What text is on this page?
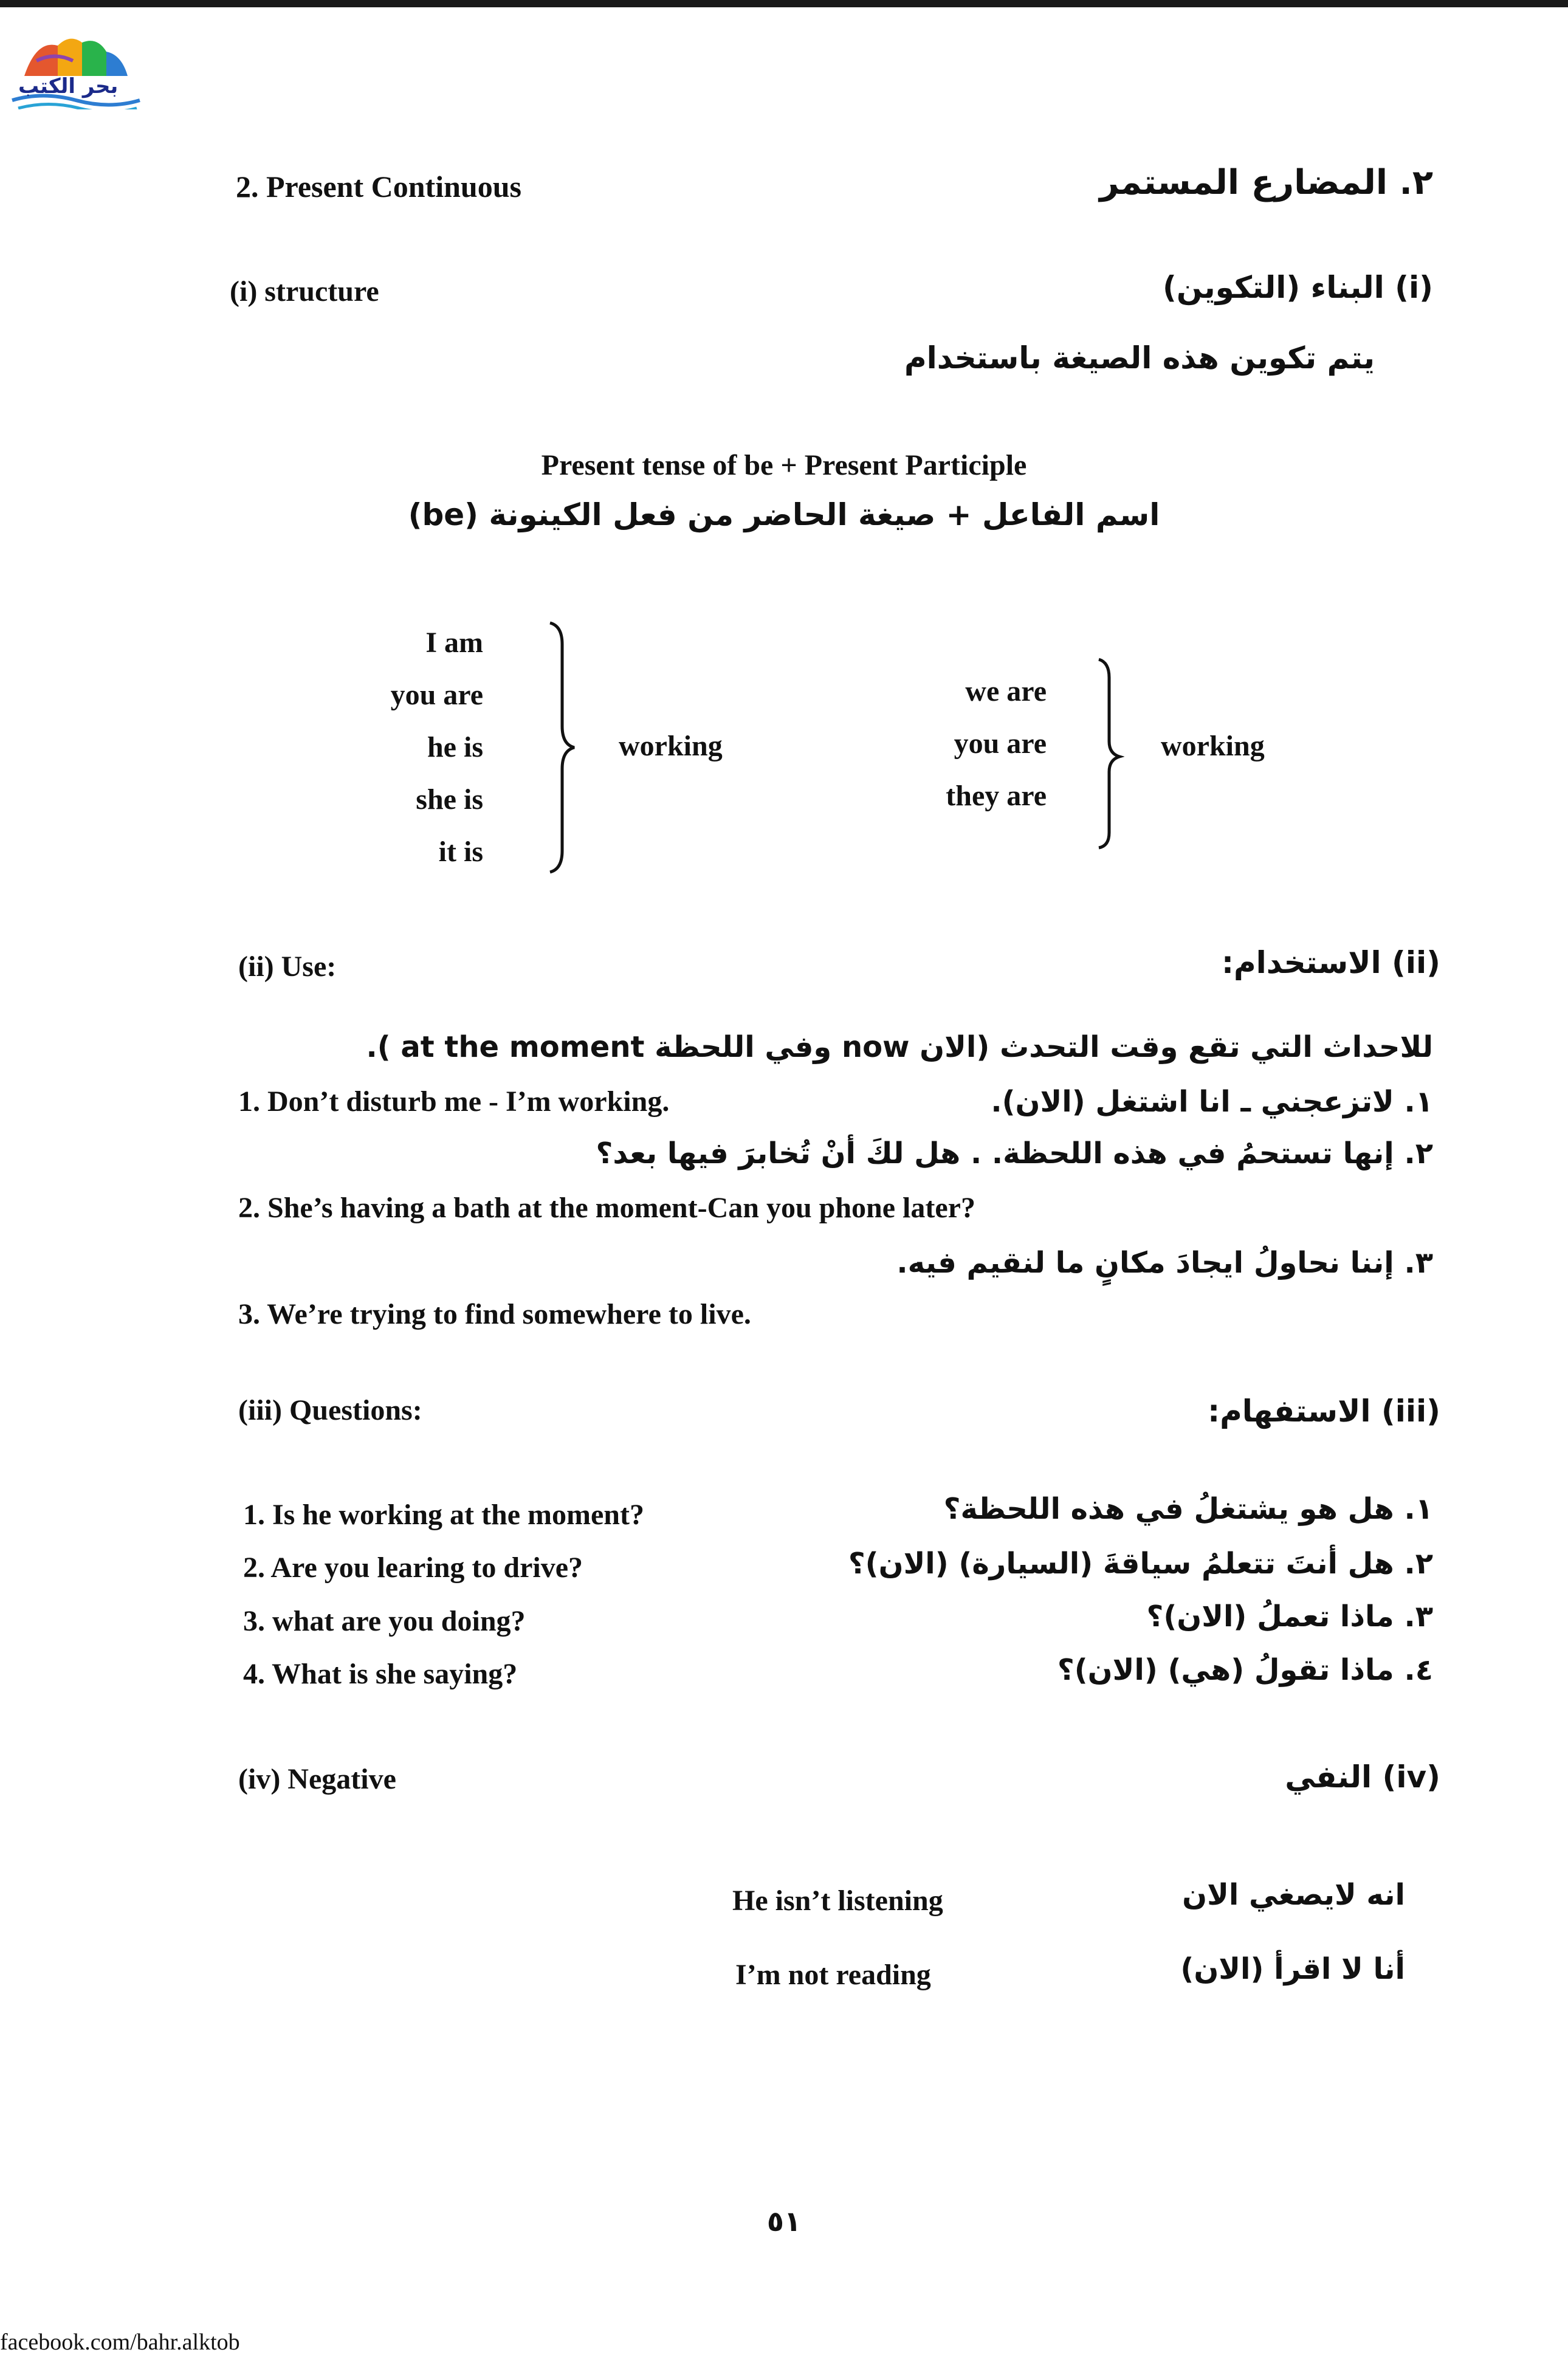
بحر الكتب
2. Present Continuous	٢. المضارع المستمر
(i) structure	(i) البناء (التكوين)
يتم تكوين هذه الصيغة باستخدام
Present tense of be + Present Participle
اسم الفاعل + صيغة الحاضر من فعل الكينونة (be)
I am
you are
he is
she is
it is
working
we are
you are
they are
working
(ii) Use:	(ii) الاستخدام:
للاحداث التي تقع وقت التحدث (الان now وفي اللحظة at the moment ).
1. Don’t disturb me - I’m working.	١. لاتزعجني ـ انا اشتغل (الان).
٢. إنها تستحمُ في هذه اللحظة. . هل لكَ أنْ تُخابرَ فيها بعد؟
2. She’s having a bath at the moment-Can you phone later?
٣. إننا نحاولُ ايجادَ مكانٍ ما لنقيم فيه.
3. We’re trying to find somewhere to live.
(iii) Questions:	(iii) الاستفهام:
1. Is he working at the moment?	١. هل هو يشتغلُ في هذه اللحظة؟
2. Are you learing to drive?	٢. هل أنتَ تتعلمُ سياقةَ (السيارة) (الان)؟
3. what are you doing?	٣. ماذا تعملُ (الان)؟
4. What is she saying?	٤. ماذا تقولُ (هي) (الان)؟
(iv) Negative	(iv) النفي
He isn’t listening	انه لايصغي الان
I’m not reading	أنا لا اقرأ (الان)
٥١
facebook.com/bahr.alktob
